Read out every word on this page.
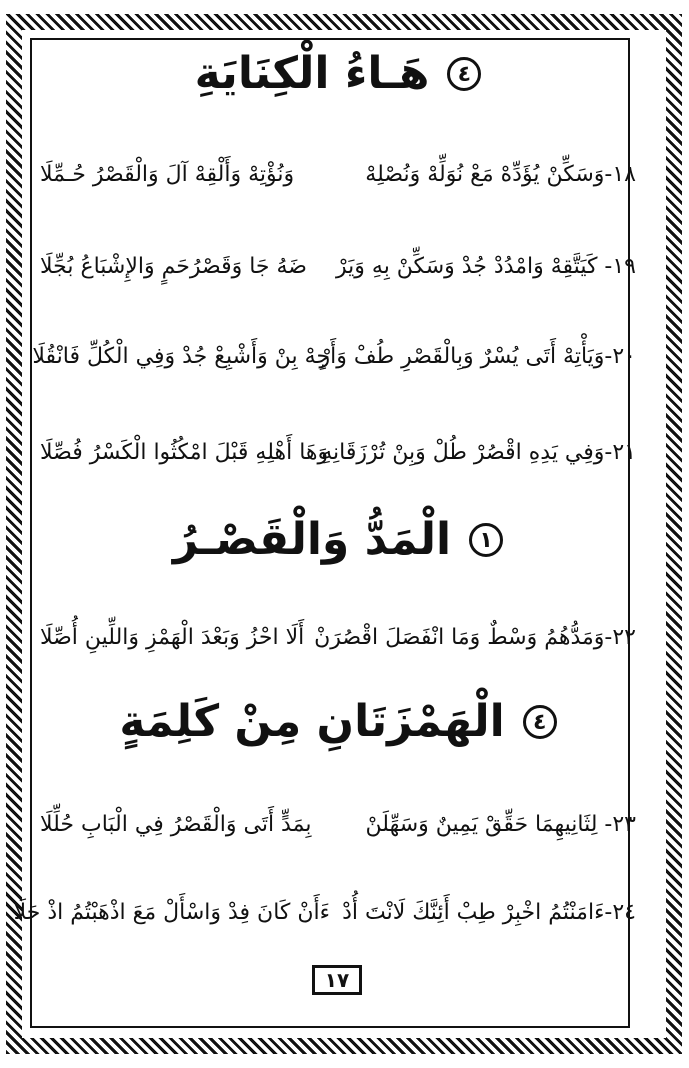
هَـاءُ الْكِنَايَةِ	٤
١٨-وَسَكِّنْ يُؤَدِّهْ مَعْ نُوَلِّهْ وَنُصْلِهْ
وَنُؤْتِهْ وَأَلْقِهْ آلَ وَالْقَصْرُ حُـمِّلَا
١٩- كَيَتَّقِهْ وَامْدُدْ جُدْ وَسَكِّنْ بِهِ وَيَرْ
ضَهُ جَا وَقَصْرُحَمٍ وَالإِشْبَاعُ بُجِّلَا
٢٠-وَيَأْتِهْ أَتَى يُسْرٌ وَبِالْقَصْرِ طُفْ وَأَرْ
جِهْ بِنْ وَأَشْبِعْ جُدْ وَفِي الْكُلِّ فَانْقُلَا
٢١-وَفِي يَدِهِ اقْصُرْ طُلْ وَبِنْ تُرْزَقَانِهِ
وَهَا أَهْلِهِ قَبْلَ امْكُثُوا الْكَسْرُ فُصِّلَا
الْمَدُّ وَالْقَصْـرُ	١
٢٢-وَمَدُّهُمُ وَسْطٌ وَمَا انْفَصَلَ اقْصُرَنْ
أَلَا احْزُ وَبَعْدَ الْهَمْزِ وَاللِّينِ أُصِّلَا
الْهَمْزَتَانِ مِنْ كَلِمَةٍ	٤
٢٣- لِثَانِيهِمَا حَقِّقْ يَمِينٌ وَسَهِّلَنْ
بِمَدٍّ أَتَى وَالْقَصْرُ فِي الْبَابِ حُلِّلَا
٢٤-ءَامَنْتُمُ اخْبِرْ طِبْ أَئِنَّكَ لَانْتَ أُدْ
ءَأَنْ كَانَ فِدْ وَاسْأَلْ مَعَ اذْهَبْتُمُ اذْ حَلَا
١٧
